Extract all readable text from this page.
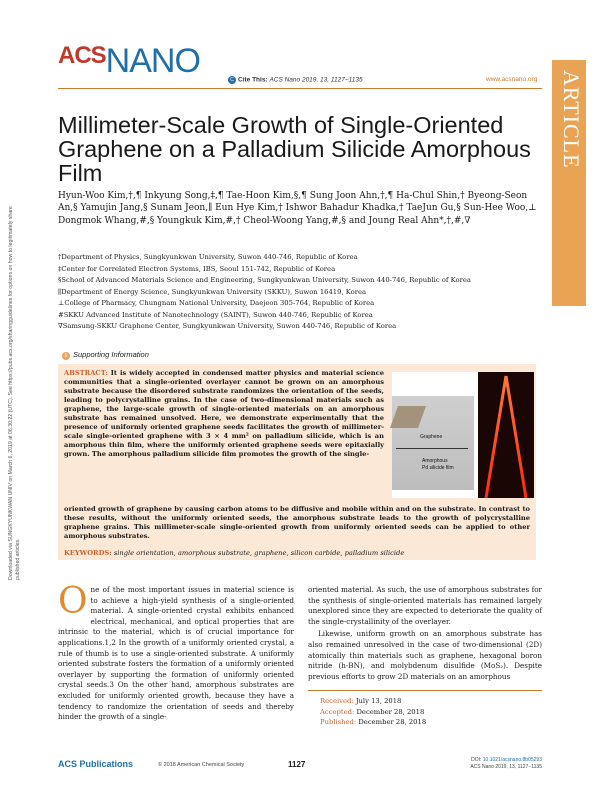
$^{ACS}$NANO	C Cite This: ACS Nano 2019, 13, 1127−1135	www.acsnano.org ARTICLE
Downloaded via SUNGKYUNKWAN UNIV on March 6, 2019 at 06:30:22 (UTC). See https://pubs.acs.org/sharingguidelines for options on how to legitimately share published articles.
Millimeter-Scale Growth of Single-Oriented Graphene on a Palladium Silicide Amorphous Film
Hyun-Woo Kim,†,¶ Inkyung Song,‡,¶ Tae-Hoon Kim,§,¶ Sung Joon Ahn,†,¶ Ha-Chul Shin,† Byeong-Seon An,§ Yamujin Jang,§ Sunam Jeon,∥ Eun Hye Kim,† Ishwor Bahadur Khadka,† TaeJun Gu,§ Sun-Hee Woo,⊥ Dongmok Whang,#,§ Youngkuk Kim,#,† Cheol-Woong Yang,#,§ and Joung Real Ahn*,†,#,∇
†Department of Physics, Sungkyunkwan University, Suwon 440-746, Republic of Korea
‡Center for Correlated Electron Systems, IBS, Seoul 151-742, Republic of Korea
§School of Advanced Materials Science and Engineering, Sungkyunkwan University, Suwon 440-746, Republic of Korea
∥Department of Energy Science, Sungkyunkwan University (SKKU), Suwon 16419, Korea
⊥College of Pharmacy, Chungnam National University, Daejeon 305-764, Republic of Korea
#SKKU Advanced Institute of Nanotechnology (SAINT), Suwon 440-746, Republic of Korea
∇Samsung-SKKU Graphene Center, Sungkyunkwan University, Suwon 440-746, Republic of Korea
s Supporting Information
ABSTRACT: It is widely accepted in condensed matter physics and material science communities that a single-oriented overlayer cannot be grown on an amorphous substrate because the disordered substrate randomizes the orientation of the seeds, leading to polycrystalline grains. In the case of two-dimensional materials such as graphene, the large-scale growth of single-oriented materials on an amorphous substrate has remained unsolved. Here, we demonstrate experimentally that the presence of uniformly oriented graphene seeds facilitates the growth of millimeter-scale single-oriented graphene with 3 × 4 mm² on palladium silicide, which is an amorphous thin film, where the uniformly oriented graphene seeds were epitaxially grown. The amorphous palladium silicide film promotes the growth of the single-
oriented growth of graphene by causing carbon atoms to be diffusive and mobile within and on the substrate. In contrast to these results, without the uniformly oriented seeds, the amorphous substrate leads to the growth of polycrystalline graphene grains. This millimeter-scale single-oriented growth from uniformly oriented seeds can be applied to other amorphous substrates.
KEYWORDS: single orientation, amorphous substrate, graphene, silicon carbide, palladium silicide
Graphene
Amorphous
Pd silicide film
One of the most important issues in material science is to achieve a high-yield synthesis of a single-oriented material. A single-oriented crystal exhibits enhanced electrical, mechanical, and optical properties that are intrinsic to the material, which is of crucial importance for applications.1,2 In the growth of a uniformly oriented crystal, a rule of thumb is to use a single-oriented substrate. A uniformly oriented substrate fosters the formation of a uniformly oriented overlayer by supporting the formation of uniformly oriented crystal seeds.3 On the other hand, amorphous substrates are excluded for uniformly oriented growth, because they have a tendency to randomize the orientation of seeds and thereby hinder the growth of a single-
oriented material. As such, the use of amorphous substrates for the synthesis of single-oriented materials has remained largely unexplored since they are expected to deteriorate the quality of the single-crystallinity of the overlayer.
Likewise, uniform growth on an amorphous substrate has also remained unresolved in the case of two-dimensional (2D) atomically thin materials such as graphene, hexagonal boron nitride (h-BN), and molybdenum disulfide (MoS₂). Despite previous efforts to grow 2D materials on an amorphous
Received: July 13, 2018
Accepted: December 28, 2018
Published: December 28, 2018
ACS Publications	© 2018 American Chemical Society	1127	DOI: 10.1021/acsnano.8b05293
ACS Nano 2019, 13, 1127−1135
